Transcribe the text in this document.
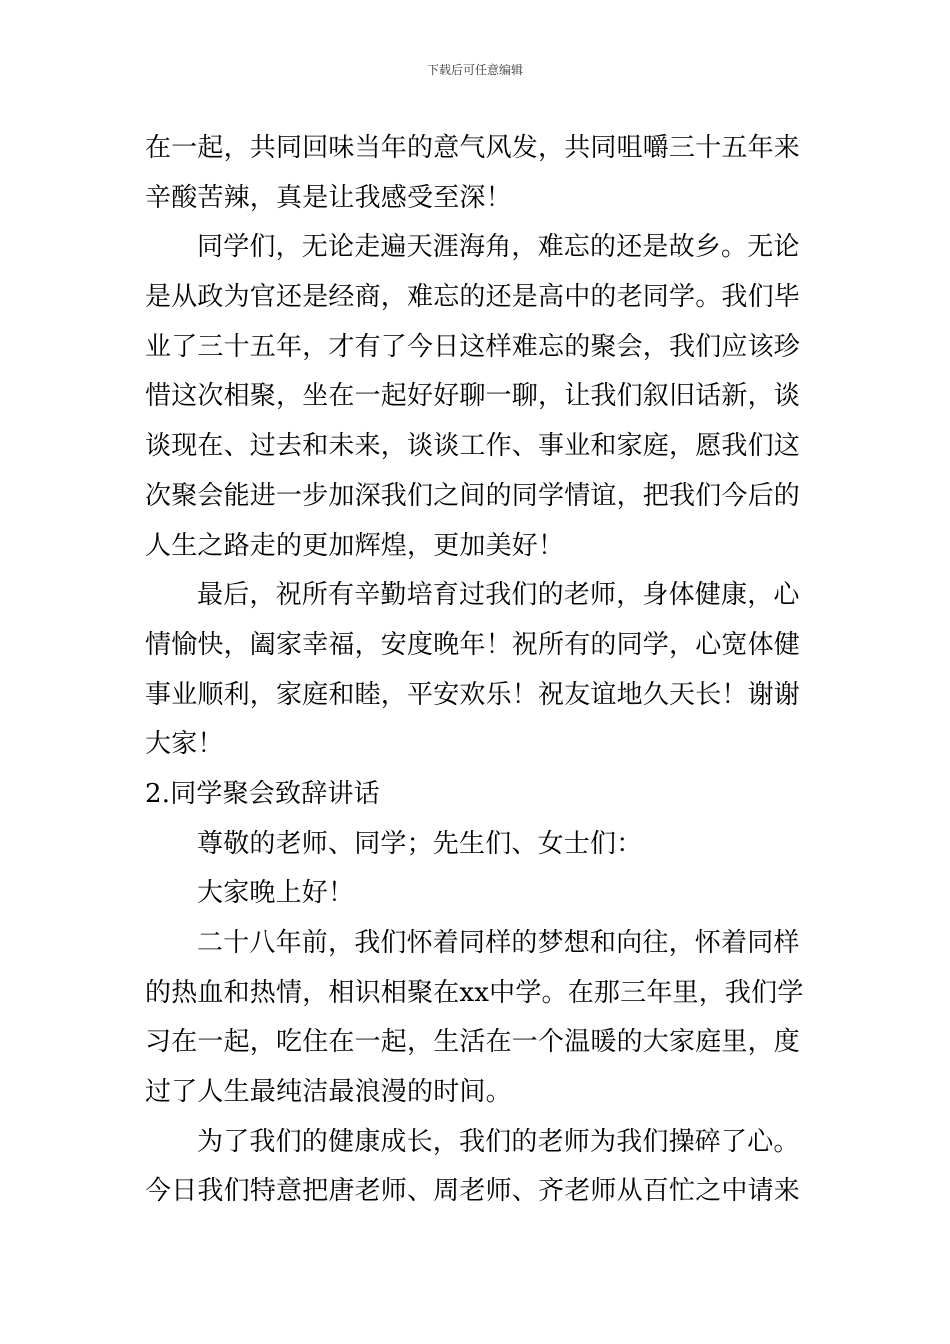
下载后可任意编辑
在一起，共同回味当年的意气风发，共同咀嚼三十五年来
辛酸苦辣，真是让我感受至深！
同学们，无论走遍天涯海角，难忘的还是故乡。无论
是从政为官还是经商，难忘的还是高中的老同学。我们毕
业了三十五年，才有了今日这样难忘的聚会，我们应该珍
惜这次相聚，坐在一起好好聊一聊，让我们叙旧话新，谈
谈现在、过去和未来，谈谈工作、事业和家庭，愿我们这
次聚会能进一步加深我们之间的同学情谊，把我们今后的
人生之路走的更加辉煌，更加美好！
最后，祝所有辛勤培育过我们的老师，身体健康，心
情愉快，阖家幸福，安度晚年！祝所有的同学，心宽体健
事业顺利，家庭和睦，平安欢乐！祝友谊地久天长！谢谢
大家！
2.同学聚会致辞讲话
尊敬的老师、同学；先生们、女士们：
大家晚上好！
二十八年前，我们怀着同样的梦想和向往，怀着同样
的热血和热情，相识相聚在xx中学。在那三年里，我们学
习在一起，吃住在一起，生活在一个温暖的大家庭里，度
过了人生最纯洁最浪漫的时间。
为了我们的健康成长，我们的老师为我们操碎了心。
今日我们特意把唐老师、周老师、齐老师从百忙之中请来
